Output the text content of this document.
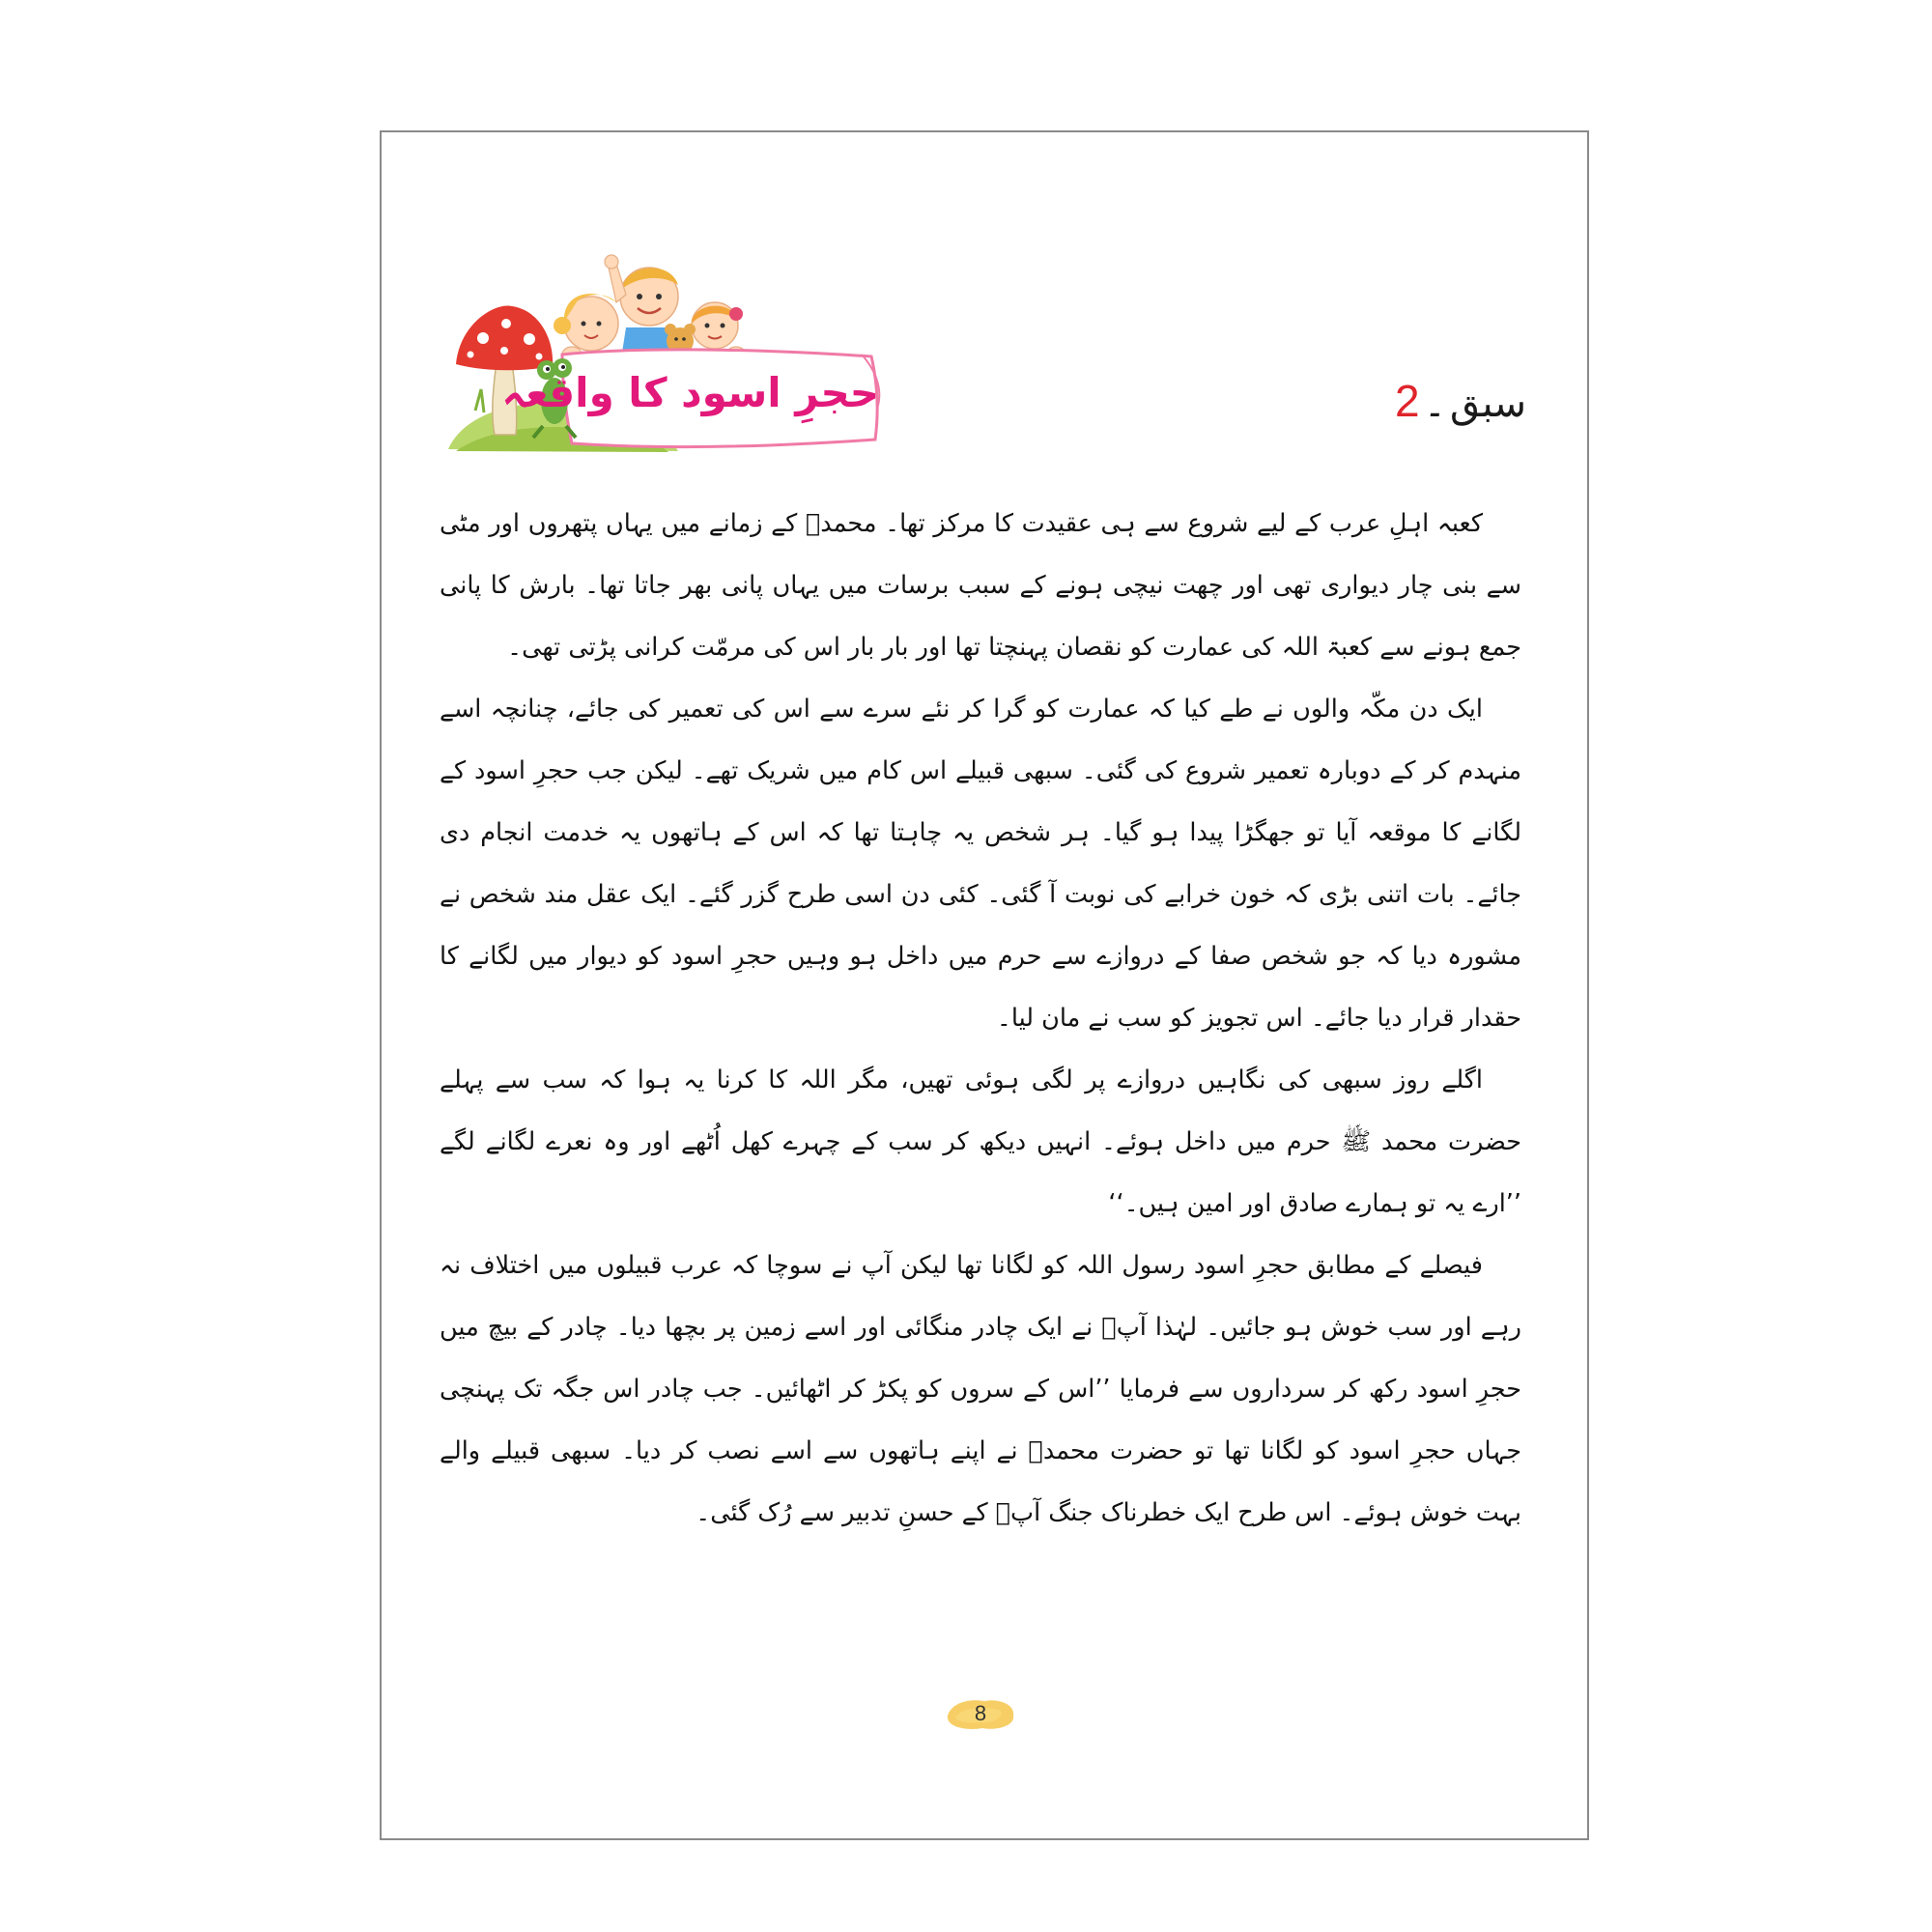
حجرِ اسود کا واقعہ	سبق۔2

کعبہ اہلِ عرب کے لیے شروع سے ہی عقیدت کا مرکز تھا۔ محمدؐ کے زمانے میں یہاں پتھروں اور مٹی سے بنی چار دیواری تھی اور چھت نیچی ہونے کے سبب برسات میں یہاں پانی بھر جاتا تھا۔ بارش کا پانی جمع ہونے سے کعبۃ اللہ کی عمارت کو نقصان پہنچتا تھا اور بار بار اس کی مرمّت کرانی پڑتی تھی۔

ایک دن مکّہ والوں نے طے کیا کہ عمارت کو گرا کر نئے سرے سے اس کی تعمیر کی جائے، چنانچہ اسے منہدم کر کے دوبارہ تعمیر شروع کی گئی۔ سبھی قبیلے اس کام میں شریک تھے۔ لیکن جب حجرِ اسود کے لگانے کا موقعہ آیا تو جھگڑا پیدا ہو گیا۔ ہر شخص یہ چاہتا تھا کہ اس کے ہاتھوں یہ خدمت انجام دی جائے۔ بات اتنی بڑی کہ خون خرابے کی نوبت آ گئی۔ کئی دن اسی طرح گزر گئے۔ ایک عقل مند شخص نے مشورہ دیا کہ جو شخص صفا کے دروازے سے حرم میں داخل ہو وہیں حجرِ اسود کو دیوار میں لگانے کا حقدار قرار دیا جائے۔ اس تجویز کو سب نے مان لیا۔

اگلے روز سبھی کی نگاہیں دروازے پر لگی ہوئی تھیں، مگر اللہ کا کرنا یہ ہوا کہ سب سے پہلے حضرت محمد ﷺ حرم میں داخل ہوئے۔ انہیں دیکھ کر سب کے چہرے کھل اُٹھے اور وہ نعرے لگانے لگے ’’ارے یہ تو ہمارے صادق اور امین ہیں۔‘‘

فیصلے کے مطابق حجرِ اسود رسول اللہ کو لگانا تھا لیکن آپ نے سوچا کہ عرب قبیلوں میں اختلاف نہ رہے اور سب خوش ہو جائیں۔ لہٰذا آپؐ نے ایک چادر منگائی اور اسے زمین پر بچھا دیا۔ چادر کے بیچ میں حجرِ اسود رکھ کر سرداروں سے فرمایا ’’اس کے سروں کو پکڑ کر اٹھائیں۔ جب چادر اس جگہ تک پہنچی جہاں حجرِ اسود کو لگانا تھا تو حضرت محمدؐ نے اپنے ہاتھوں سے اسے نصب کر دیا۔ سبھی قبیلے والے بہت خوش ہوئے۔ اس طرح ایک خطرناک جنگ آپؐ کے حسنِ تدبیر سے رُک گئی۔

8
